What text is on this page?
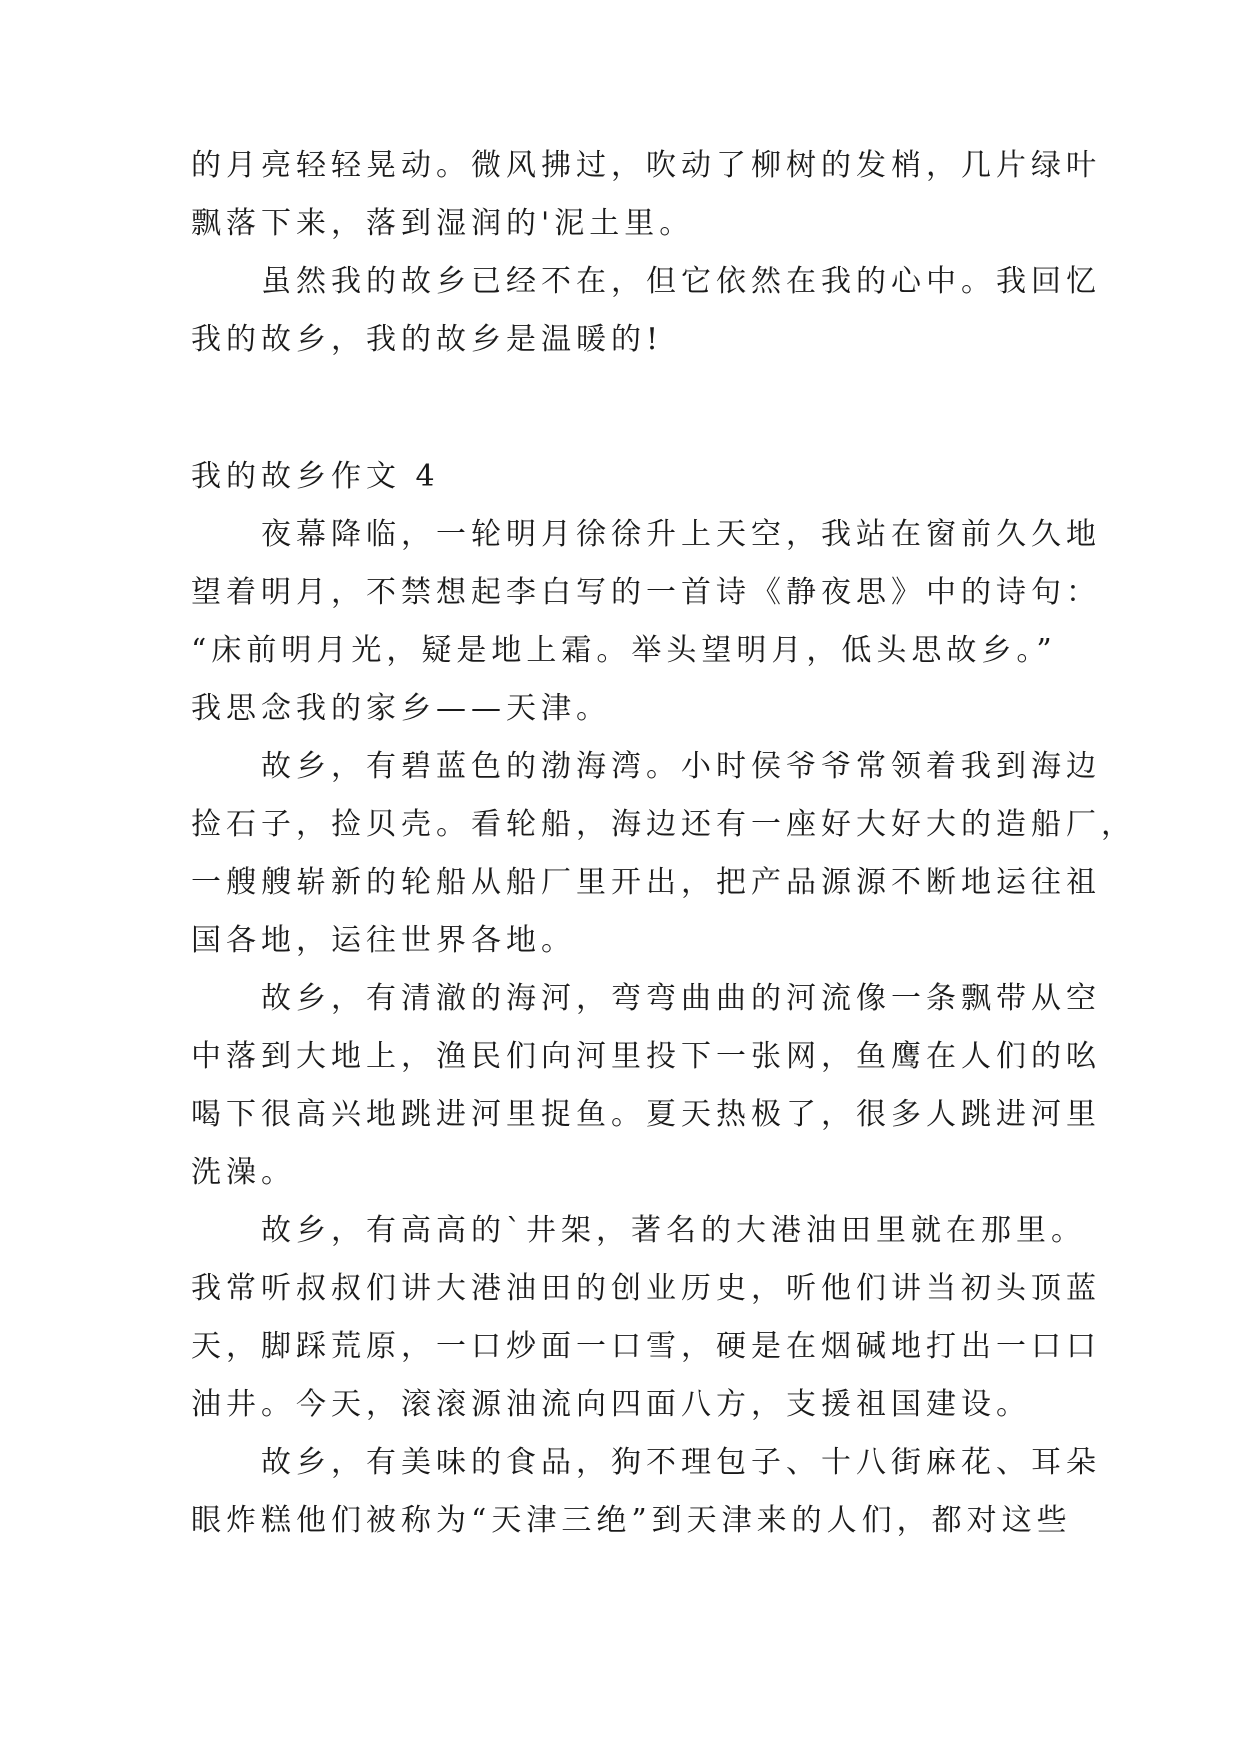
的月亮轻轻晃动。微风拂过，吹动了柳树的发梢，几片绿叶
飘落下来，落到湿润的'泥土里。
虽然我的故乡已经不在，但它依然在我的心中。我回忆
我的故乡，我的故乡是温暖的!
我的故乡作文 4
夜幕降临，一轮明月徐徐升上天空，我站在窗前久久地
望着明月，不禁想起李白写的一首诗《静夜思》中的诗句：
“床前明月光，疑是地上霜。举头望明月，低头思故乡。”
我思念我的家乡——天津。
故乡，有碧蓝色的渤海湾。小时侯爷爷常领着我到海边
捡石子，捡贝壳。看轮船，海边还有一座好大好大的造船厂，
一艘艘崭新的轮船从船厂里开出，把产品源源不断地运往祖
国各地，运往世界各地。
故乡，有清澈的海河，弯弯曲曲的河流像一条飘带从空
中落到大地上，渔民们向河里投下一张网，鱼鹰在人们的吆
喝下很高兴地跳进河里捉鱼。夏天热极了，很多人跳进河里
洗澡。
故乡，有高高的`井架，著名的大港油田里就在那里。
我常听叔叔们讲大港油田的创业历史，听他们讲当初头顶蓝
天，脚踩荒原，一口炒面一口雪，硬是在烟碱地打出一口口
油井。今天，滚滚源油流向四面八方，支援祖国建设。
故乡，有美味的食品，狗不理包子、十八街麻花、耳朵
眼炸糕他们被称为“天津三绝”到天津来的人们，都对这些
